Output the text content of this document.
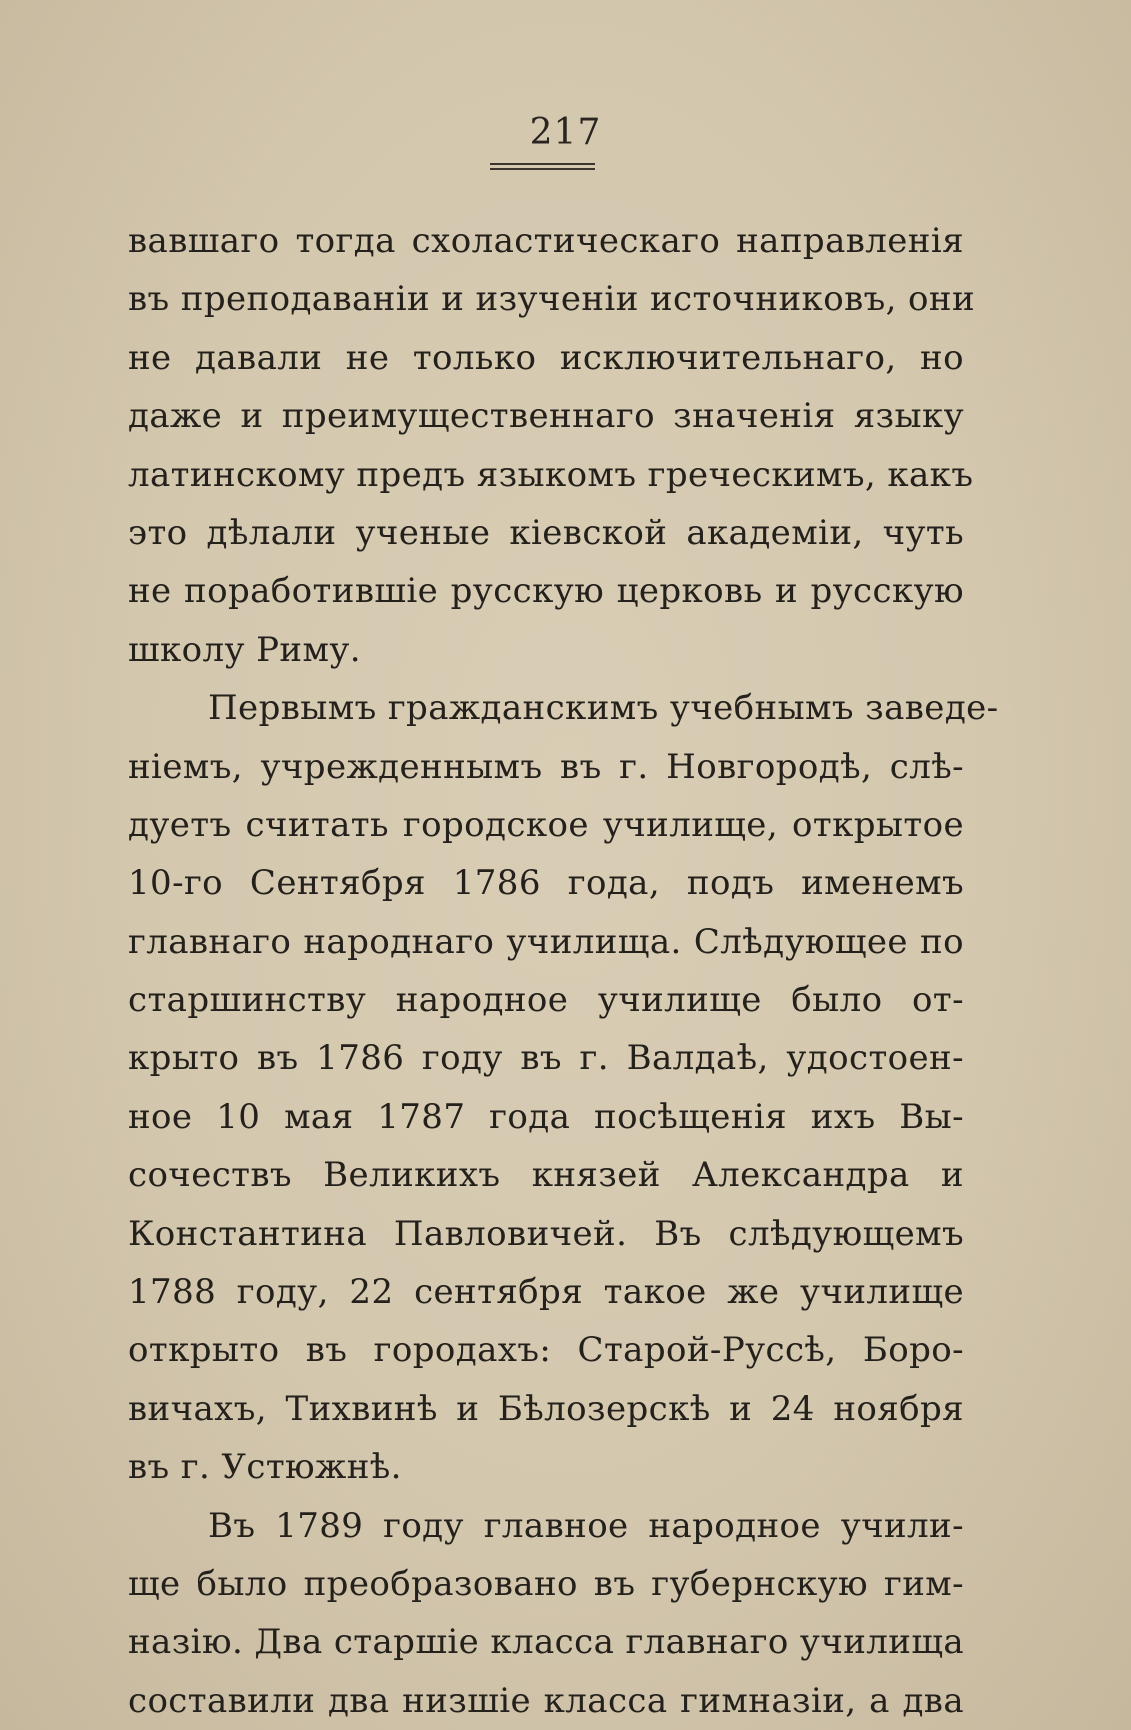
217
вавшаго тогда схоластическаго направленія
въ преподаваніи и изученіи источниковъ, они
не давали не только исключительнаго, но
даже и преимущественнаго значенія языку
латинскому предъ языкомъ греческимъ, какъ
это дѣлали ученые кіевской академіи, чуть
не поработившіе русскую церковь и русскую
школу Риму.
Первымъ гражданскимъ учебнымъ заведе-
ніемъ, учрежденнымъ въ г. Новгородѣ, слѣ-
дуетъ считать городское училище, открытое
10-го Сентября 1786 года, подъ именемъ
главнаго народнаго училища. Слѣдующее по
старшинству народное училище было от-
крыто въ 1786 году въ г. Валдаѣ, удостоен-
ное 10 мая 1787 года посѣщенія ихъ Вы-
сочествъ Великихъ князей Александра и
Константина Павловичей. Въ слѣдующемъ
1788 году, 22 сентября такое же училище
открыто въ городахъ: Старой-Руссѣ, Боро-
вичахъ, Тихвинѣ и Бѣлозерскѣ и 24 ноября
въ г. Устюжнѣ.
Въ 1789 году главное народное учили-
ще было преобразовано въ губернскую гим-
назію. Два старшіе класса главнаго училища
составили два низшіе класса гимназіи, а два
